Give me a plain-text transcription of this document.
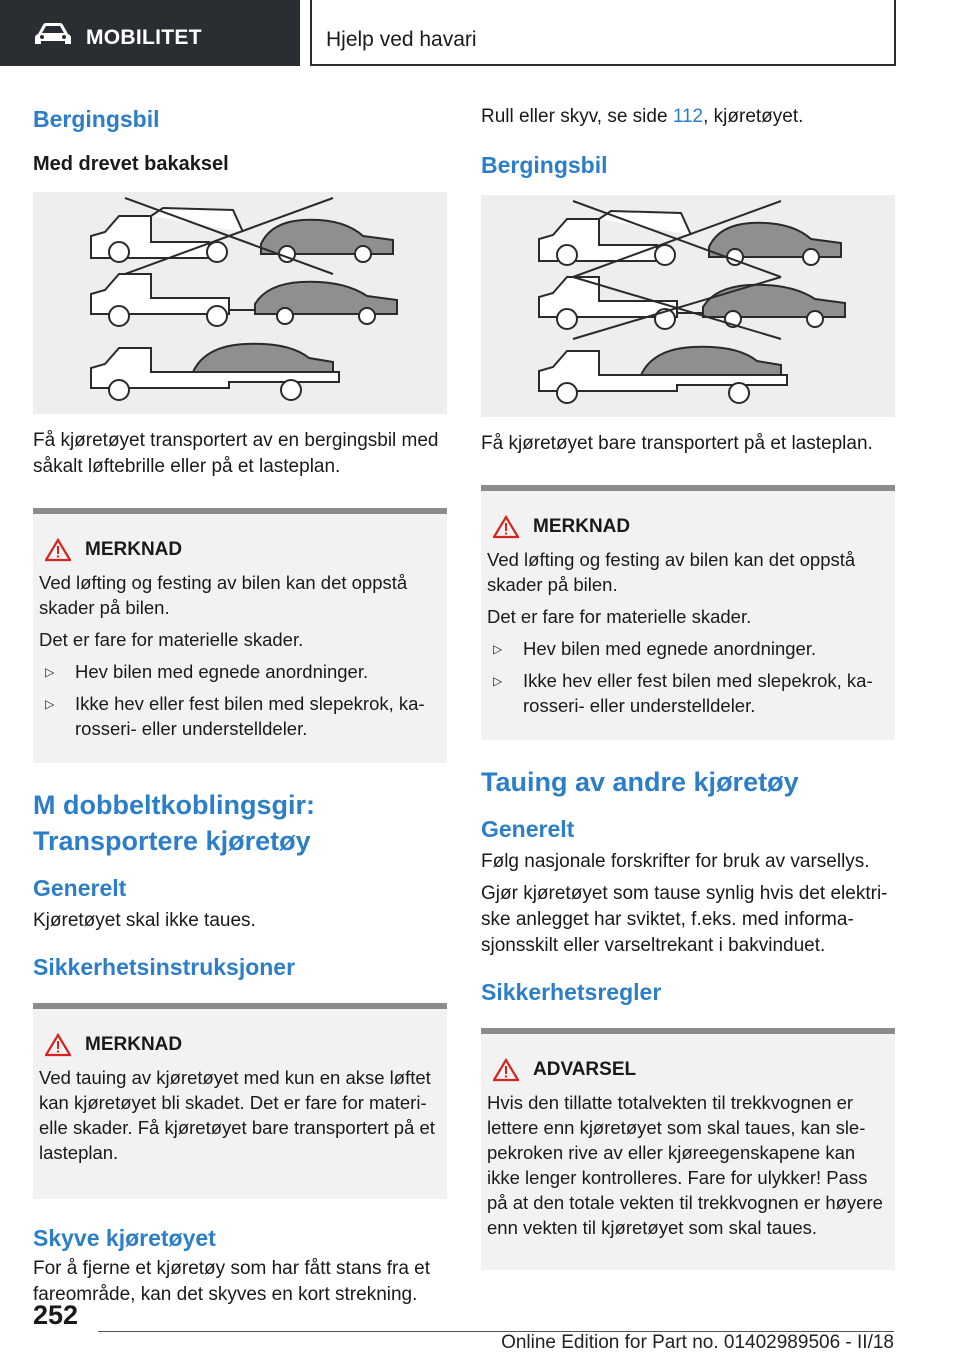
MOBILITET	Hjelp ved havari
Bergingsbil
Med drevet bakaksel
Få kjøretøyet transportert av en bergingsbil med såkalt løftebrille eller på et lasteplan.
MERKNAD

Ved løfting og festing av bilen kan det oppstå skader på bilen.

Det er fare for materielle skader.

▷	Hev bilen med egnede anordninger.
▷	Ikke hev eller fest bilen med slepekrok, karosseri- eller understelldeler.
M dobbeltkoblingsgir:
Transportere kjøretøy
Generelt
Kjøretøyet skal ikke taues.
Sikkerhetsinstruksjoner
MERKNAD

Ved tauing av kjøretøyet med kun en akse løftet kan kjøretøyet bli skadet. Det er fare for materielle skader. Få kjøretøyet bare transportert på et lasteplan.

Skyve kjøretøyet
For å fjerne et kjøretøy som har fått stans fra et fareområde, kan det skyves en kort strekning.
Rull eller skyv, se side 112, kjøretøyet.
Bergingsbil
Få kjøretøyet bare transportert på et lasteplan.
MERKNAD

Ved løfting og festing av bilen kan det oppstå skader på bilen.

Det er fare for materielle skader.

▷	Hev bilen med egnede anordninger.
▷	Ikke hev eller fest bilen med slepekrok, karosseri- eller understelldeler.
Tauing av andre kjøretøy
Generelt
Følg nasjonale forskrifter for bruk av varsellys.
Gjør kjøretøyet som tause synlig hvis det elektriske anlegget har sviktet, f.eks. med informasjonsskilt eller varseltrekant i bakvinduet.
Sikkerhetsregler
ADVARSEL

Hvis den tillatte totalvekten til trekkvognen er lettere enn kjøretøyet som skal taues, kan slepekroken rive av eller kjøreegenskapene kan ikke lenger kontrolleres. Fare for ulykker! Pass på at den totale vekten til trekkvognen er høyere enn vekten til kjøretøyet som skal taues.

252
Online Edition for Part no. 01402989506 - II/18
